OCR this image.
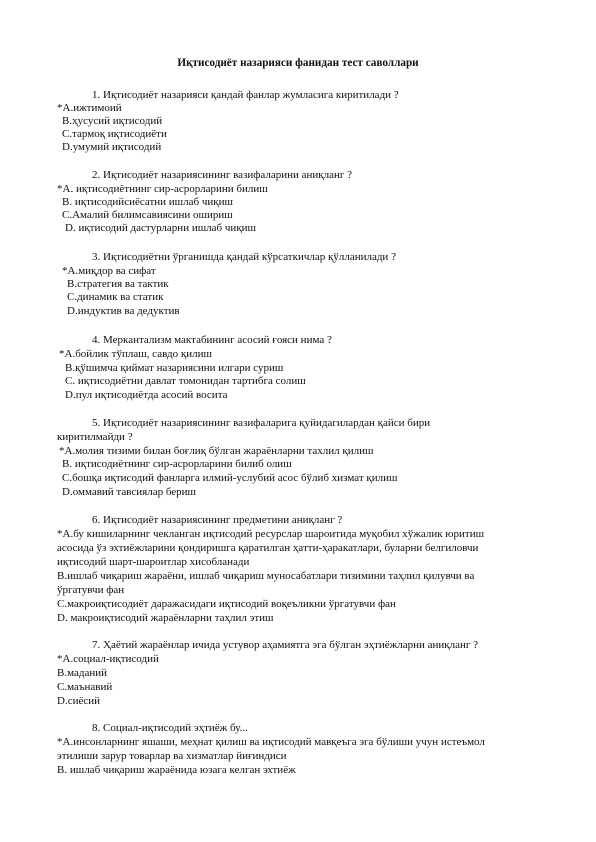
Иқтисодиёт назарияси фанидан тест саволлари
1. Иқтисодиёт назарияси қандай фанлар жумласига киритилади ?
*А.ижтимоий
В.ҳусусий иқтисодий
С.тармоқ иқтисодиёти
D.умумий иқтисодий
2. Иқтисодиёт назариясининг вазифаларини аниқланг ?
*А. иқтисодиётнинг сир-асрорларини билиш
В. иқтисодийсиёсатни ишлаб чиқиш
С.Амалий билимсавиясини ошириш
D. иқтисодий дастурларни ишлаб чиқиш
3. Иқтисодиётни ўрганишда қандай кўрсаткичлар қўлланилади ?
*А.миқдор ва сифат
В.стратегия ва тактик
С.динамик ва статик
D.индуктив ва дедуктив
4. Меркантализм мактабининг асосий ғояси нима ?
*А.бойлик тўплаш, савдо қилиш
В.қўшимча қиймат назариясини илгари суриш
С. иқтисодиётни давлат томонидан тартибга солиш
D.пул иқтисодиётда асосий восита
5. Иқтисодиёт назариясининг вазифаларига қуйидагилардан қайси бири
киритилмайди ?
*А.молия тизими билан боғлиқ бўлган жараёнларни тахлил қилиш
В. иқтисодиётнинг сир-асрорларини билиб олиш
С.бошқа иқтисодий фанларга илмий-услубий асос бўлиб хизмат қилиш
D.оммавий тавсиялар бериш
6. Иқтисодиёт назариясининг предметини аниқланг ?
*А.бу кишиларнинг чекланган иқтисодий ресурслар шароитида муқобил хўжалик юритиш
асосида ўз эхтиёжларини қондиришга қаратилган ҳатти-ҳаракатлари, буларни белгиловчи
иқтисодий шарт-шароитлар хисобланади
В.ишлаб чиқариш жараёни, ишлаб чиқариш муносабатлари тизимини таҳлил қилувчи ва
ўргатувчи фан
С.макроиқтисодиёт даражасидаги иқтисодий воқеъликни ўргатувчи фан
D. макроиқтисодий жараёнларни таҳлил этиш
7. Ҳаётий жараёнлар ичида устувор аҳамиятга эга бўлган эҳтиёжларни аниқланг ?
*А.социал-иқтисодий
В.маданий
С.маънавий
D.сиёсий
8. Социал-иқтисодий эҳтиёж бу...
*А.инсонларнинг яшаши, меҳнат қилиш ва иқтисодий мавқеъга эга бўлиши учун истеъмол
этилиши зарур товарлар ва хизматлар йиғиндиси
В. ишлаб чиқариш жараёнида юзага келган эхтиёж
